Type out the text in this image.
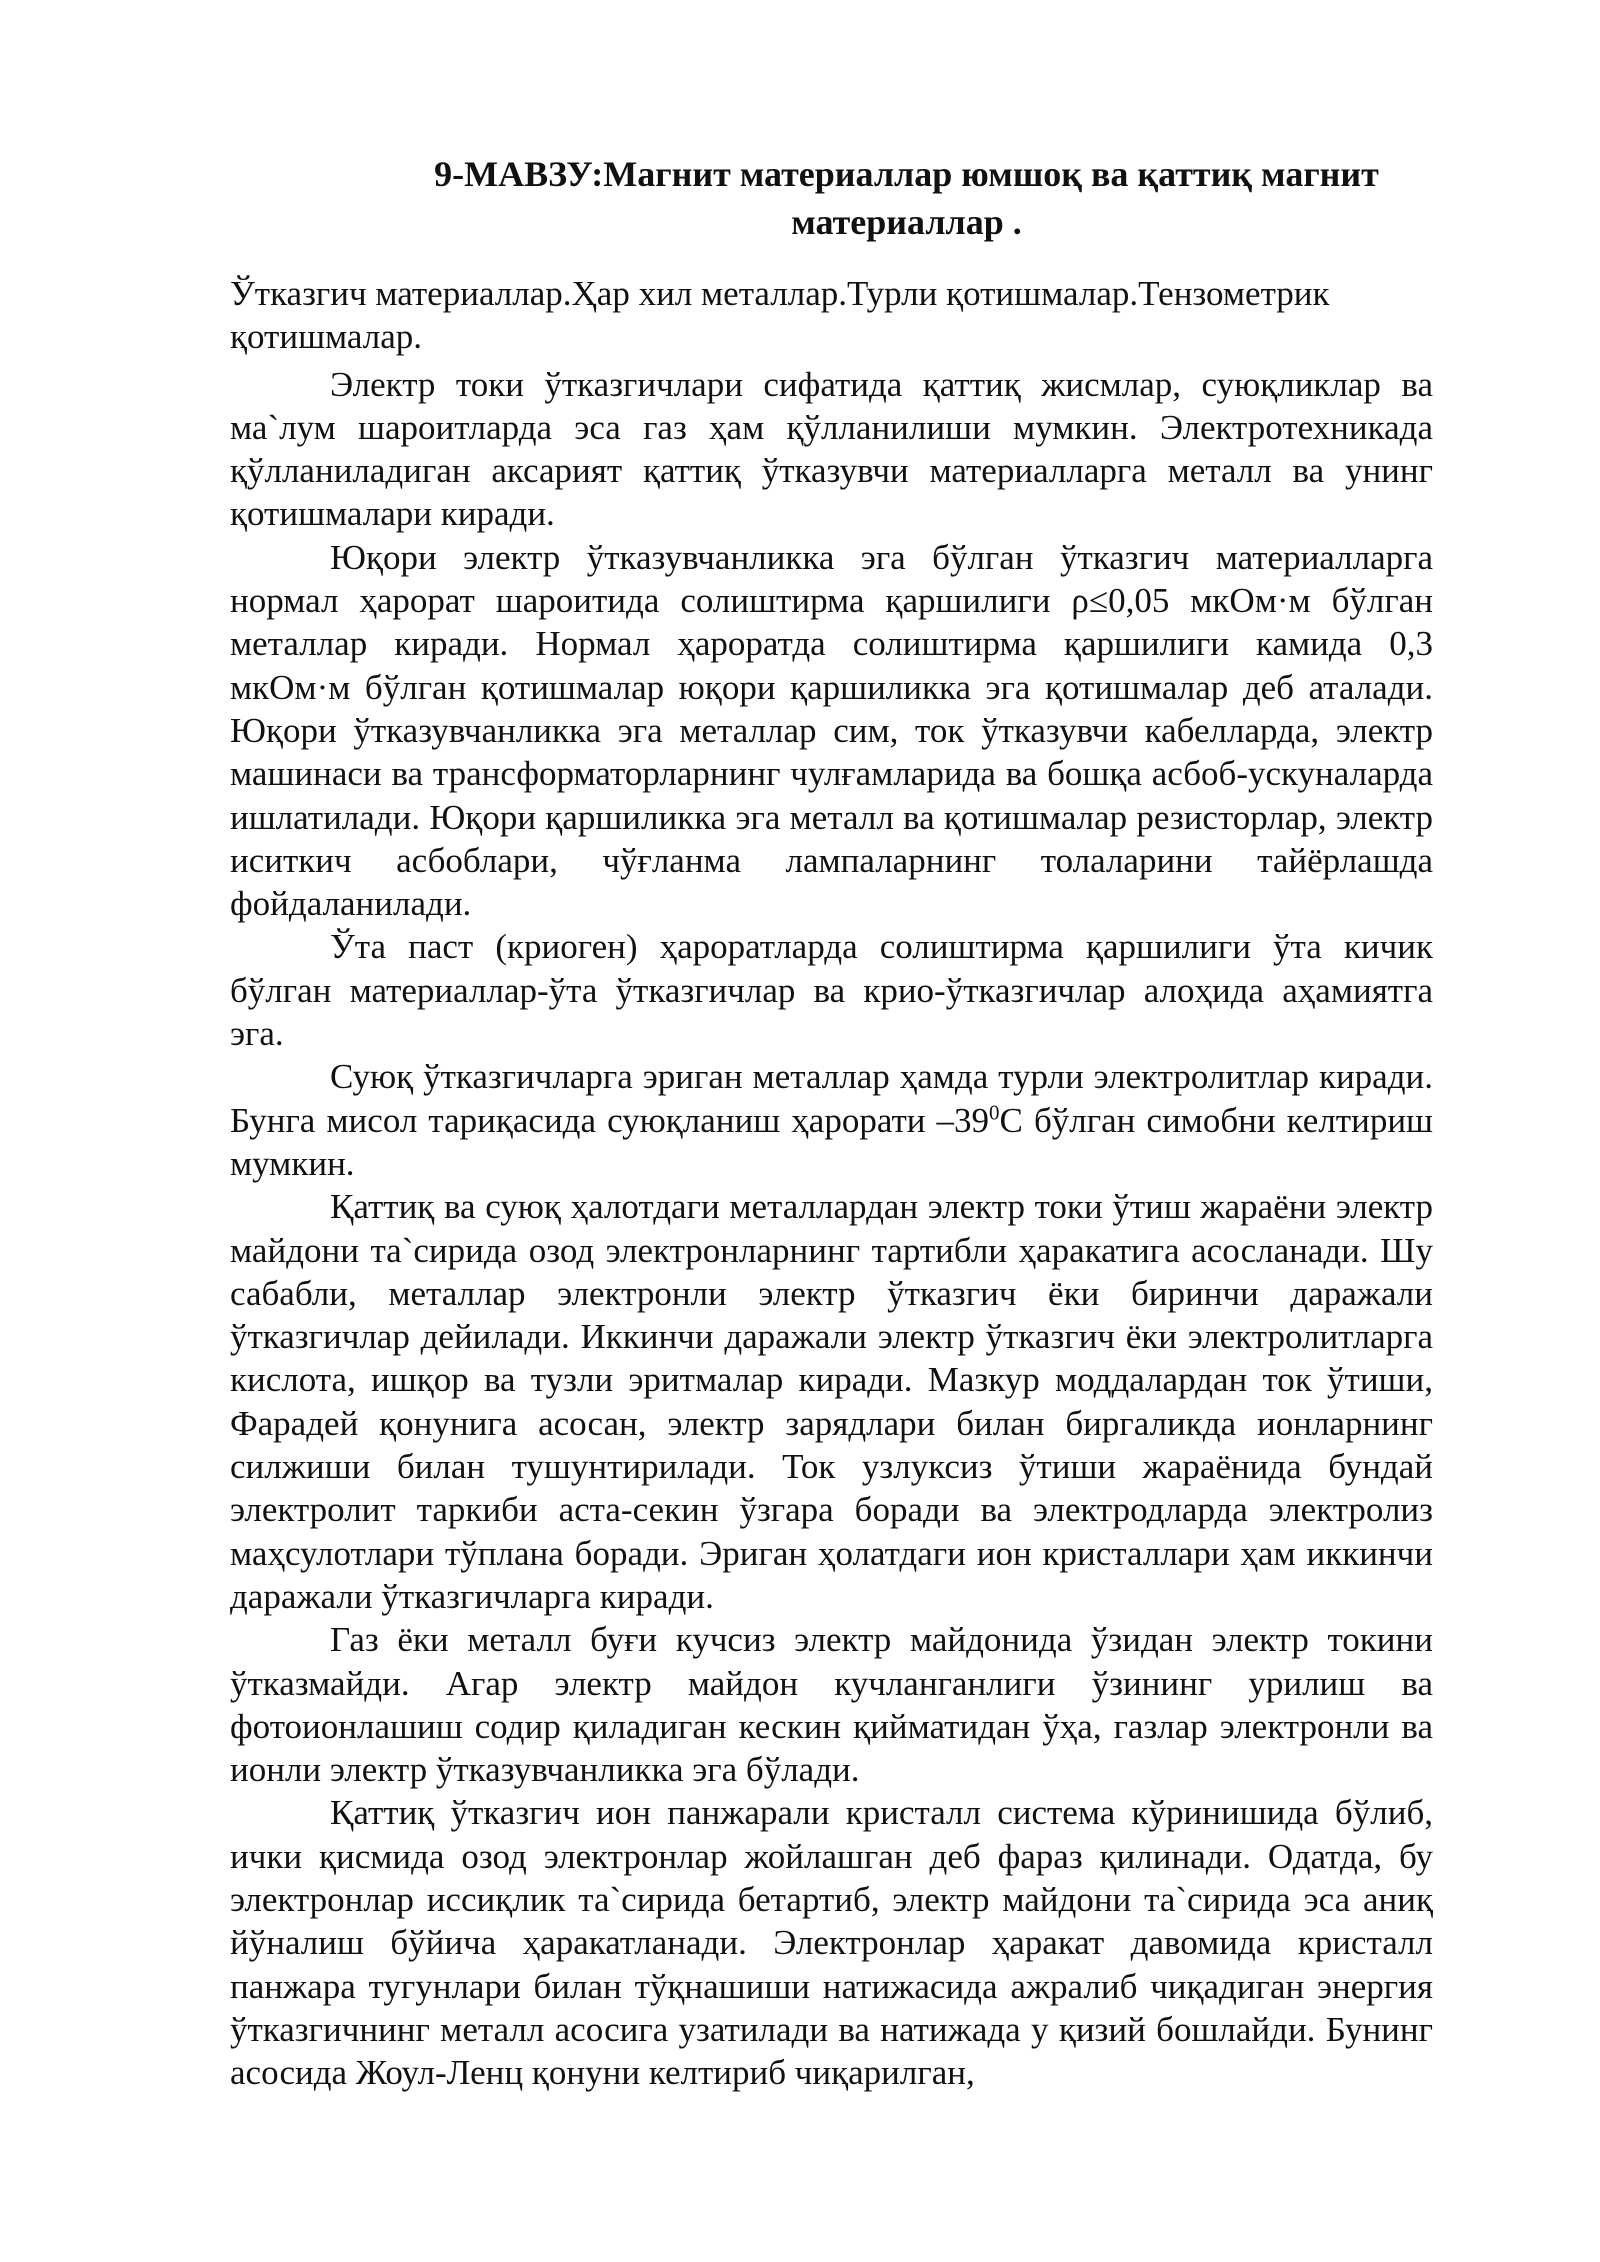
9-МАВЗУ:Магнит материаллар юмшоқ ва қаттиқ магнит
материаллар .

Ўтказгич материаллар.Ҳар хил металлар.Турли қотишмалар.Тензометрик қотишмалар.

Электр токи ўтказгичлари сифатида қаттиқ жисмлар, суюқликлар ва ма`лум шароитларда эса газ ҳам қўлланилиши мумкин. Электротехникада қўлланиладиган аксарият қаттиқ ўтказувчи материалларга металл ва унинг қотишмалари киради.

Юқори электр ўтказувчанликка эга бўлган ўтказгич материалларга нормал ҳарорат шароитида солиштирма қаршилиги ρ≤0,05 мкОм·м бўлган металлар киради. Нормал ҳароратда солиштирма қаршилиги камида 0,3 мкОм·м бўлган қотишмалар юқори қаршиликка эга қотишмалар деб аталади. Юқори ўтказувчанликка эга металлар сим, ток ўтказувчи кабелларда, электр машинаси ва трансформаторларнинг чулғамларида ва бошқа асбоб-ускуналарда ишлатилади. Юқори қаршиликка эга металл ва қотишмалар резисторлар, электр иситкич асбоблари, чўғланма лампаларнинг толаларини тайёрлашда фойдаланилади.

Ўта паст (криоген) ҳароратларда солиштирма қаршилиги ўта кичик бўлган материаллар-ўта ўтказгичлар ва крио-ўтказгичлар алоҳида аҳамиятга эга.

Суюқ ўтказгичларга эриган металлар ҳамда турли электролитлар киради. Бунга мисол тариқасида суюқланиш ҳарорати $-39^0С$ бўлган симобни келтириш мумкин.

Қаттиқ ва суюқ ҳалотдаги металлардан электр токи ўтиш жараёни электр майдони та`сирида озод электронларнинг тартибли ҳаракатига асосланади. Шу сабабли, металлар электронли электр ўтказгич ёки биринчи даражали ўтказгичлар дейилади. Иккинчи даражали электр ўтказгич ёки электролитларга кислота, ишқор ва тузли эритмалар киради. Мазкур моддалардан ток ўтиши, Фарадей қонунига асосан, электр зарядлари билан биргаликда ионларнинг силжиши билан тушунтирилади. Ток узлуксиз ўтиши жараёнида бундай электролит таркиби аста-секин ўзгара боради ва электродларда электролиз маҳсулотлари тўплана боради. Эриган ҳолатдаги ион кристаллари ҳам иккинчи даражали ўтказгичларга киради.

Газ ёки металл буғи кучсиз электр майдонида ўзидан электр токини ўтказмайди. Агар электр майдон кучланганлиги ўзининг урилиш ва фотоионлашиш содир қиладиган кескин қийматидан ўҳа, газлар электронли ва ионли электр ўтказувчанликка эга бўлади.

Қаттиқ ўтказгич ион панжарали кристалл система кўринишида бўлиб, ички қисмида озод электронлар жойлашган деб фараз қилинади. Одатда, бу электронлар иссиқлик та`сирида бетартиб, электр майдони та`сирида эса аниқ йўналиш бўйича ҳаракатланади. Электронлар ҳаракат давомида кристалл панжара тугунлари билан тўқнашиши натижасида ажралиб чиқадиган энергия ўтказгичнинг металл асосига узатилади ва натижада у қизий бошлайди. Бунинг асосида Жоул-Ленц қонуни келтириб чиқарилган,
